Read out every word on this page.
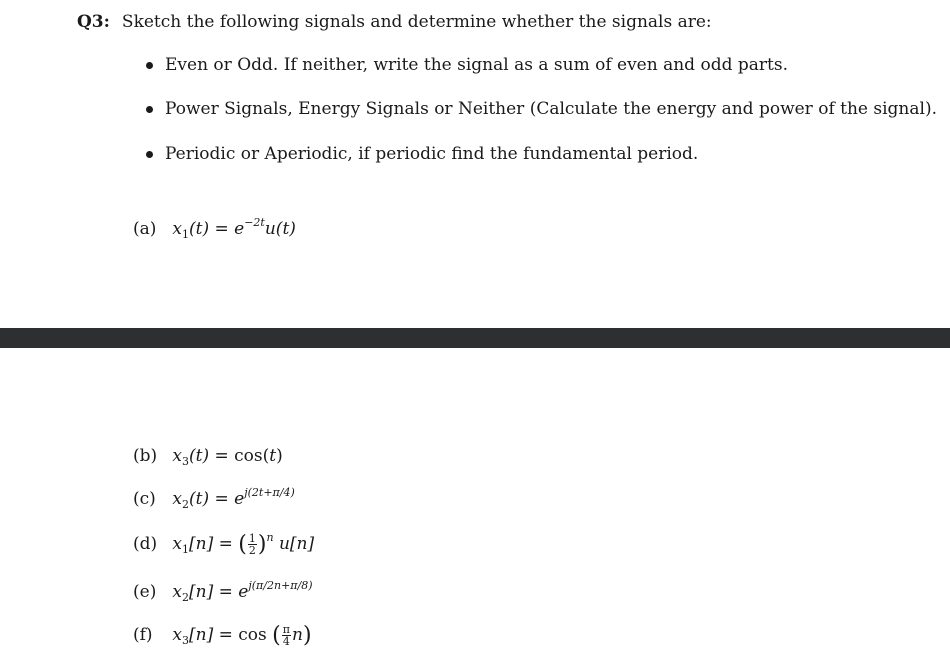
Q3: Sketch the following signals and determine whether the signals are:
Even or Odd. If neither, write the signal as a sum of even and odd parts.
Power Signals, Energy Signals or Neither (Calculate the energy and power of the signal).
Periodic or Aperiodic, if periodic find the fundamental period.
(a) $x_1(t) = e^{-2t}u(t)$
(b) $x_3(t) = \cos(t)$
(c) $x_2(t) = e^{j(2t+\pi/4)}$
(d) $x_1[n]$ = ( $\frac{1}{2} )^n$ u[n]
(e) $x_2[n] = e^{j(\pi/2n+\pi/8)}$
(f) $x_3[n] = \cos$ ( $\frac{\pi}{4} n$)
